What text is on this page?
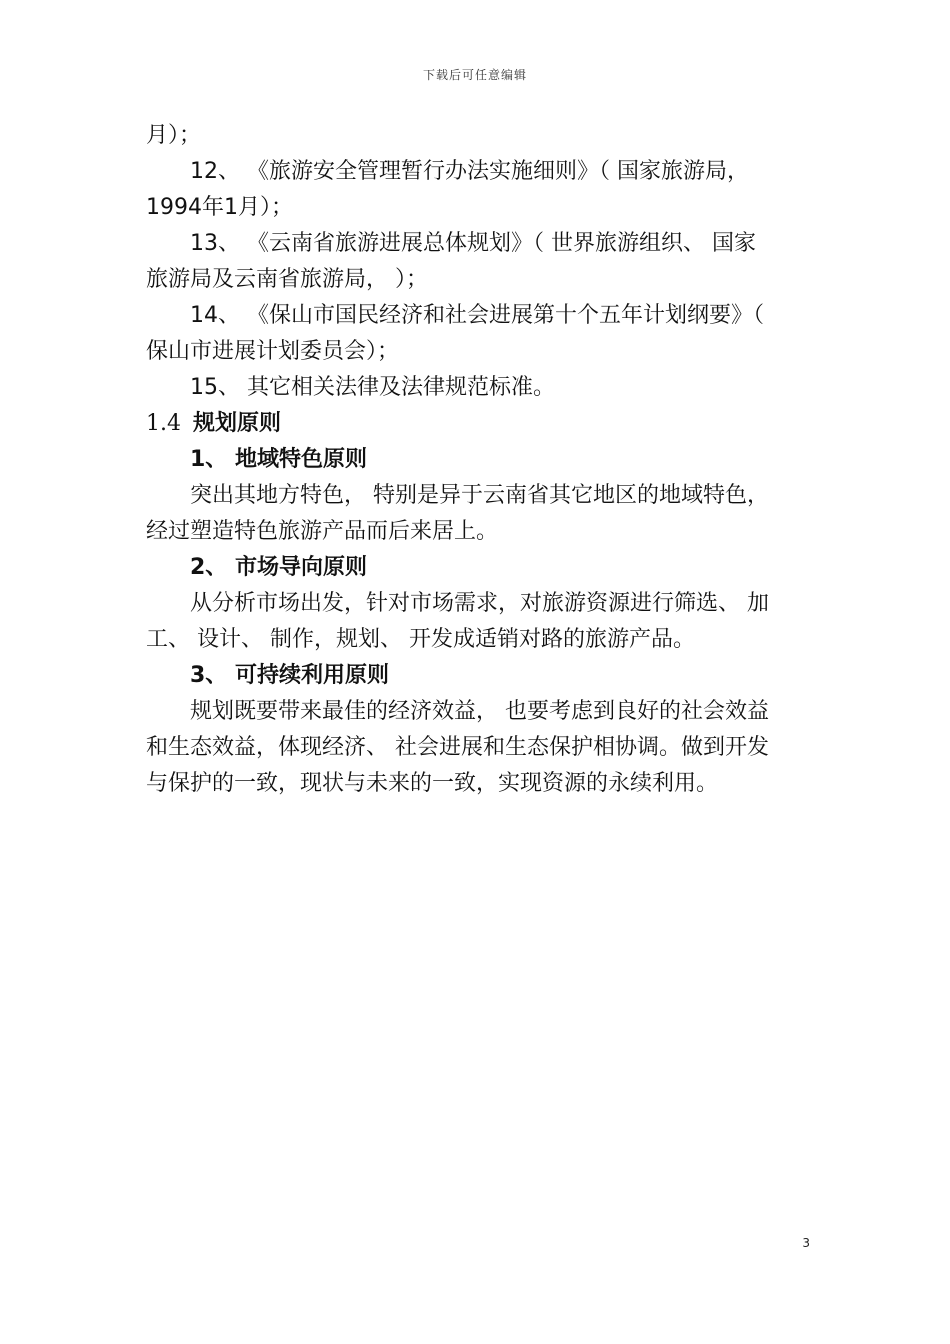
下载后可任意编辑

月）；

12、 《旅游安全管理暂行办法实施细则》（ 国家旅游局，

1994年1月）；

13、 《云南省旅游进展总体规划》（ 世界旅游组织、 国家

旅游局及云南省旅游局， ）；

14、 《保山市国民经济和社会进展第十个五年计划纲要》（

保山市进展计划委员会）；

15、 其它相关法律及法律规范标准。

1.4 规划原则

1、 地域特色原则

突出其地方特色， 特别是异于云南省其它地区的地域特色，

经过塑造特色旅游产品而后来居上。

2、 市场导向原则

从分析市场出发，针对市场需求，对旅游资源进行筛选、 加

工、 设计、 制作，规划、 开发成适销对路的旅游产品。

3、 可持续利用原则

规划既要带来最佳的经济效益， 也要考虑到良好的社会效益

和生态效益，体现经济、 社会进展和生态保护相协调。做到开发

与保护的一致，现状与未来的一致，实现资源的永续利用。

3
